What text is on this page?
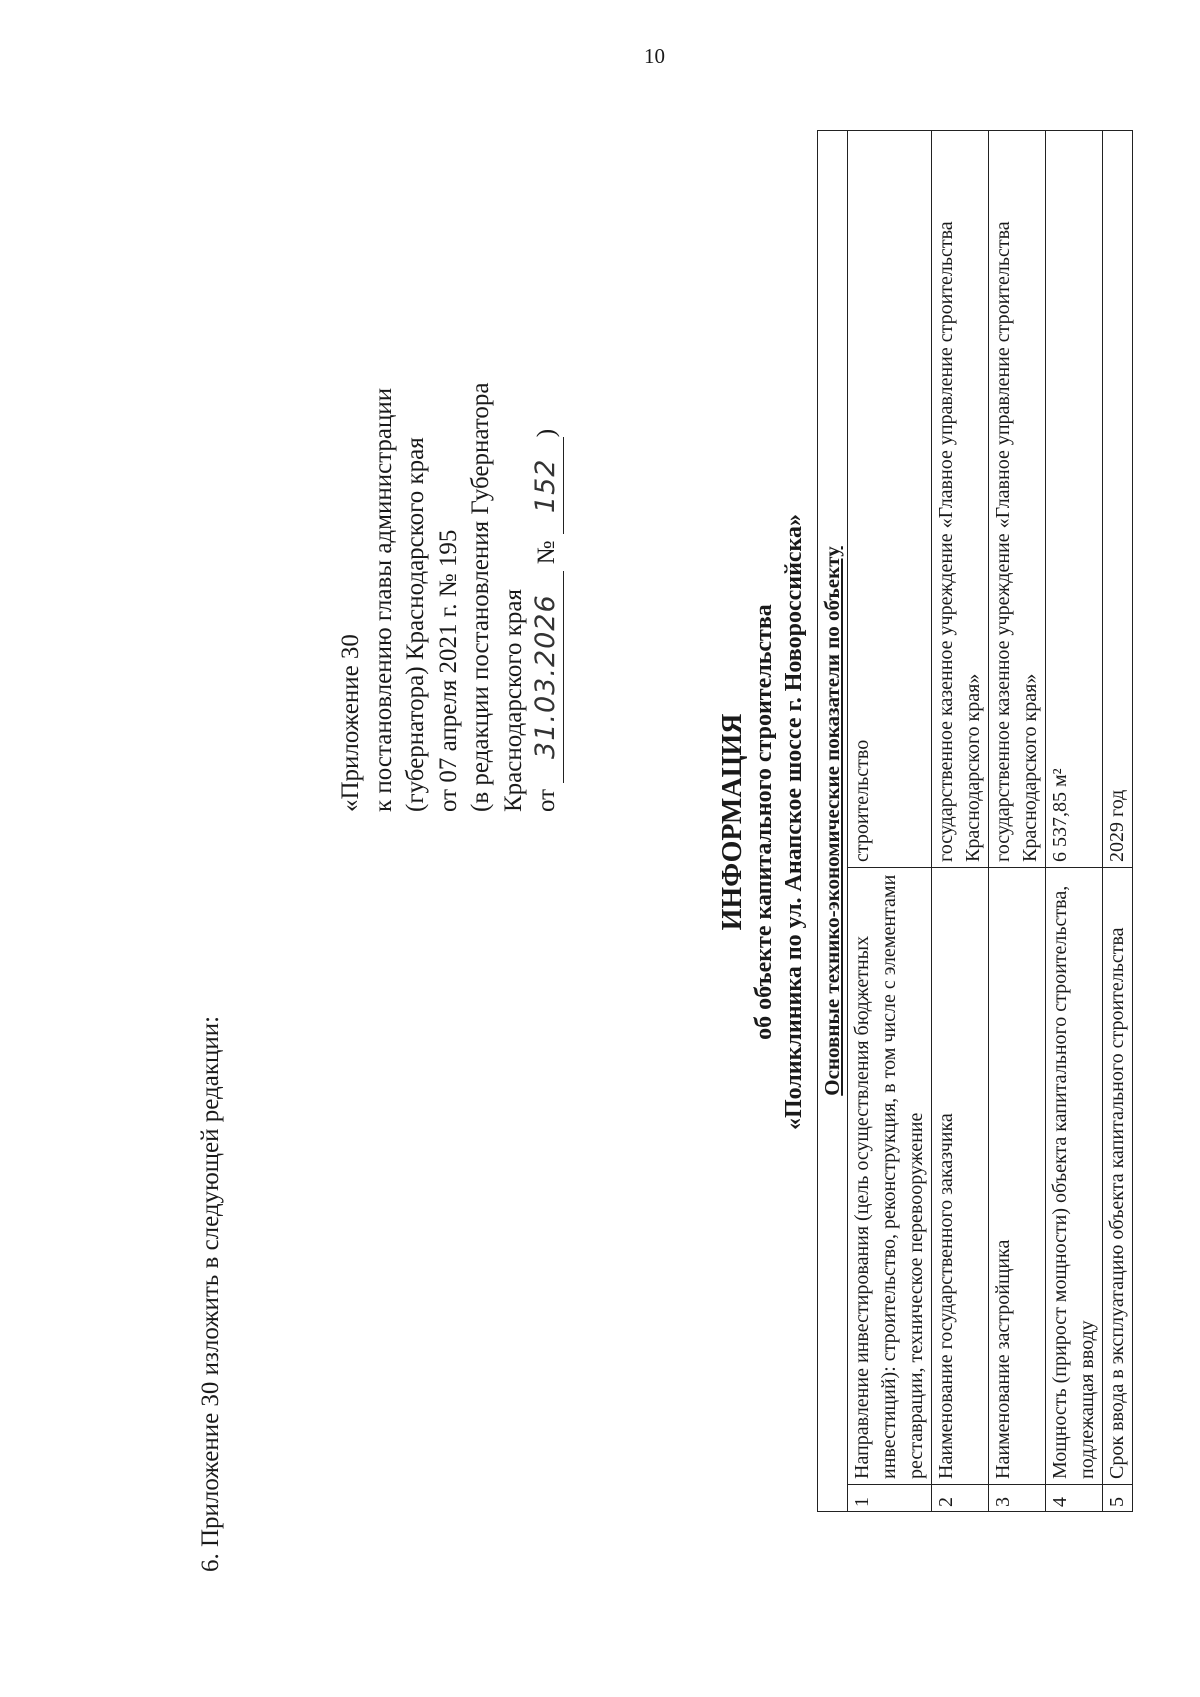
10
6. Приложение 30 изложить в следующей редакции:
«Приложение 30 к постановлению главы администрации (губернатора) Краснодарского края от 07 апреля 2021 г. № 195 (в редакции постановления Губернатора Краснодарского края от 31.03.2026 № 152)
ИНФОРМАЦИЯ об объекте капитального строительства «Поликлиника по ул. Анапское шоссе г. Новороссийска» Основные технико-экономические показатели по объекту		
1	Направление инвестирования (цель осуществления бюджетных инвестиций): строительство, реконструкция, в том числе с элементами реставрации, техническое перевооружение	строительство
2	Наименование государственного заказчика	государственное казенное учреждение «Главное управление строительства Краснодарского края»
3	Наименование застройщика	государственное казенное учреждение «Главное управление строительства Краснодарского края»
4	Мощность (прирост мощности) объекта капитального строительства, подлежащая вводу	6 537,85 м²
5	Срок ввода в эксплуатацию объекта капитального строительства	2029 год
